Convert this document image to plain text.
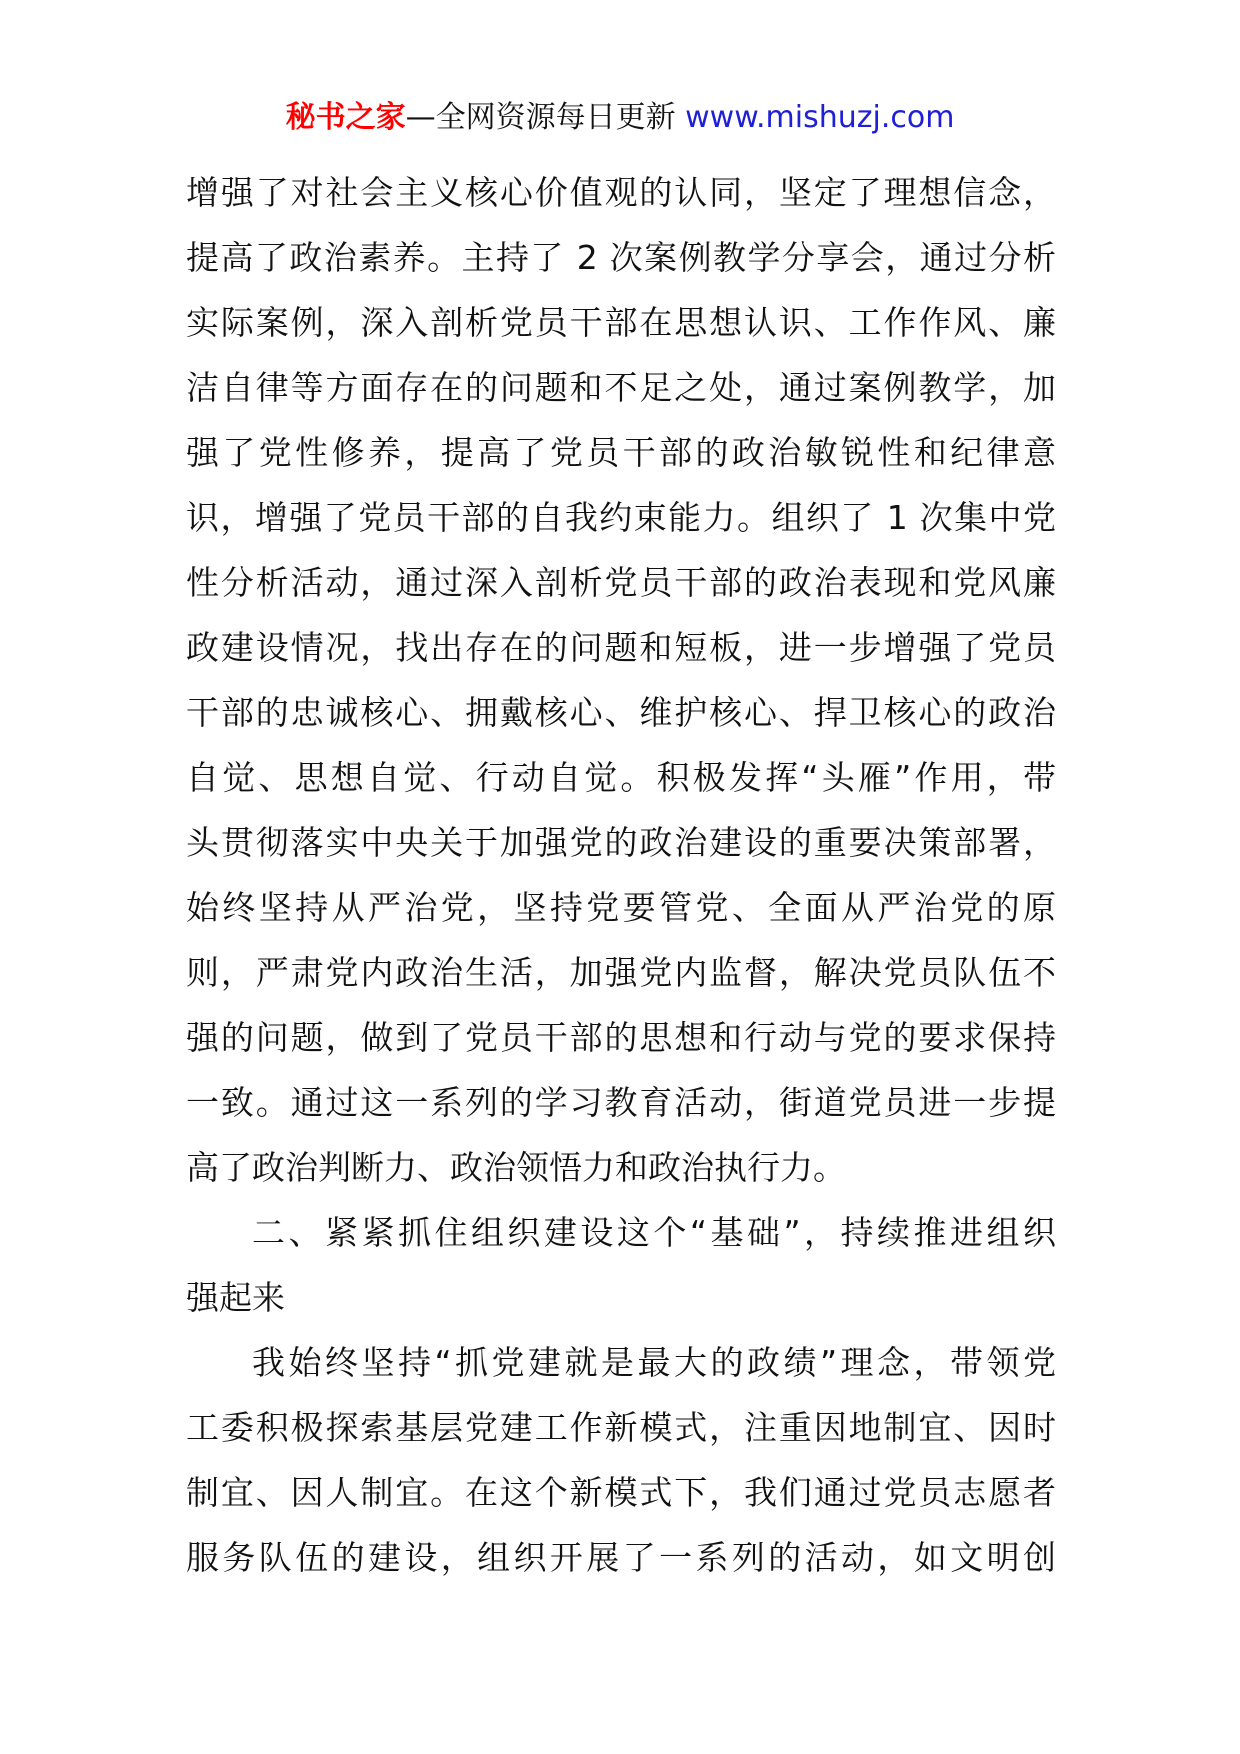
秘书之家—全网资源每日更新 www.mishuzj.com
增强了对社会主义核心价值观的认同，坚定了理想信念，
提高了政治素养。主持了 2 次案例教学分享会，通过分析
实际案例，深入剖析党员干部在思想认识、工作作风、廉
洁自律等方面存在的问题和不足之处，通过案例教学，加
强了党性修养，提高了党员干部的政治敏锐性和纪律意
识，增强了党员干部的自我约束能力。组织了 1 次集中党
性分析活动，通过深入剖析党员干部的政治表现和党风廉
政建设情况，找出存在的问题和短板，进一步增强了党员
干部的忠诚核心、拥戴核心、维护核心、捍卫核心的政治
自觉、思想自觉、行动自觉。积极发挥“头雁”作用，带
头贯彻落实中央关于加强党的政治建设的重要决策部署，
始终坚持从严治党，坚持党要管党、全面从严治党的原
则，严肃党内政治生活，加强党内监督，解决党员队伍不
强的问题，做到了党员干部的思想和行动与党的要求保持
一致。通过这一系列的学习教育活动，街道党员进一步提
高了政治判断力、政治领悟力和政治执行力。
二、紧紧抓住组织建设这个“基础”，持续推进组织
强起来
我始终坚持“抓党建就是最大的政绩”理念，带领党
工委积极探索基层党建工作新模式，注重因地制宜、因时
制宜、因人制宜。在这个新模式下，我们通过党员志愿者
服务队伍的建设，组织开展了一系列的活动，如文明创
